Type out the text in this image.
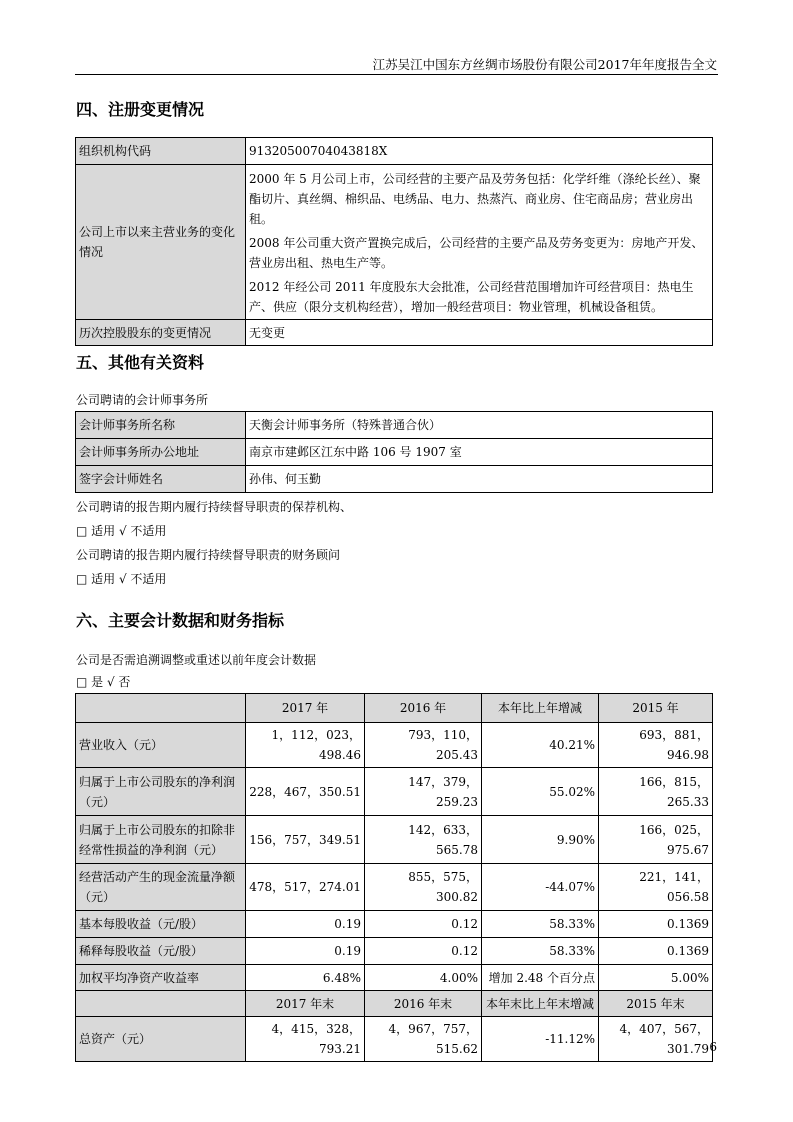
江苏吴江中国东方丝绸市场股份有限公司2017年年度报告全文
四、注册变更情况
组织机构代码	91320500704043818X
公司上市以来主营业务的变化情况	2000 年 5 月公司上市，公司经营的主要产品及劳务包括：化学纤维（涤纶长丝）、聚酯切片、真丝绸、棉织品、电绣品、电力、热蒸汽、商业房、住宅商品房；营业房出租。
2008 年公司重大资产置换完成后，公司经营的主要产品及劳务变更为：房地产开发、营业房出租、热电生产等。
2012 年经公司 2011 年度股东大会批准，公司经营范围增加许可经营项目：热电生产、供应（限分支机构经营），增加一般经营项目：物业管理，机械设备租赁。

历次控股股东的变更情况	无变更
五、其他有关资料
公司聘请的会计师事务所
会计师事务所名称	天衡会计师事务所（特殊普通合伙）
会计师事务所办公地址	南京市建邺区江东中路 106 号 1907 室
签字会计师姓名	孙伟、何玉勤
公司聘请的报告期内履行持续督导职责的保荐机构、
□ 适用 √ 不适用
公司聘请的报告期内履行持续督导职责的财务顾问
□ 适用 √ 不适用
六、主要会计数据和财务指标
公司是否需追溯调整或重述以前年度会计数据
□ 是 √ 否
	2017 年	2016 年	本年比上年增减	2015 年
营业收入（元）	1，112，023，498.46	793，110，205.43	40.21%	693，881，946.98
归属于上市公司股东的净利润（元）	228，467，350.51	147，379，259.23	55.02%	166，815，265.33
归属于上市公司股东的扣除非经常性损益的净利润（元）	156，757，349.51	142，633，565.78	9.90%	166，025，975.67
经营活动产生的现金流量净额（元）	478，517，274.01	855，575，300.82	-44.07%	221，141，056.58
基本每股收益（元/股）	0.19	0.12	58.33%	0.1369
稀释每股收益（元/股）	0.19	0.12	58.33%	0.1369
加权平均净资产收益率	6.48%	4.00%	增加 2.48 个百分点	5.00%
	2017 年末	2016 年末	本年末比上年末增减	2015 年末
总资产（元）	4，415，328，793.21	4，967，757，515.62	-11.12%	4，407，567，301.79 6
